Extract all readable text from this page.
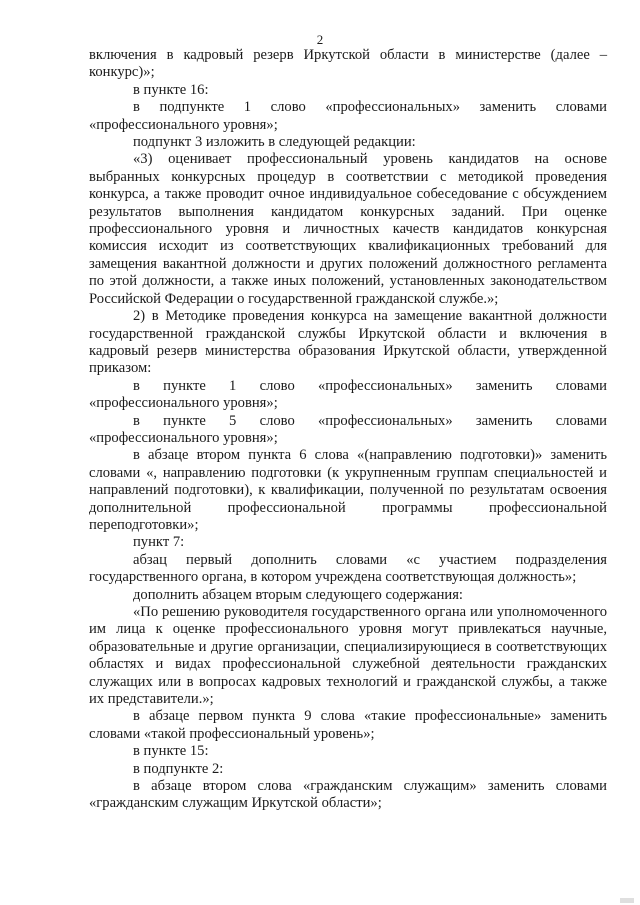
2

включения в кадровый резерв Иркутской области в министерстве (далее – конкурс)»;

в пункте 16:

в подпункте 1 слово «профессиональных» заменить словами «профессионального уровня»;

подпункт 3 изложить в следующей редакции:

«3) оценивает профессиональный уровень кандидатов на основе выбранных конкурсных процедур в соответствии с методикой проведения конкурса, а также проводит очное индивидуальное собеседование с обсуждением результатов выполнения кандидатом конкурсных заданий. При оценке профессионального уровня и личностных качеств кандидатов конкурсная комиссия исходит из соответствующих квалификационных требований для замещения вакантной должности и других положений должностного регламента по этой должности, а также иных положений, установленных законодательством Российской Федерации о государственной гражданской службе.»;

2) в Методике проведения конкурса на замещение вакантной должности государственной гражданской службы Иркутской области и включения в кадровый резерв министерства образования Иркутской области, утвержденной приказом:

в пункте 1 слово «профессиональных» заменить словами «профессионального уровня»;

в пункте 5 слово «профессиональных» заменить словами «профессионального уровня»;

в абзаце втором пункта 6 слова «(направлению подготовки)» заменить словами «, направлению подготовки (к укрупненным группам специальностей и направлений подготовки), к квалификации, полученной по результатам освоения дополнительной профессиональной программы профессиональной переподготовки»;

пункт 7:

абзац первый дополнить словами «с участием подразделения государственного органа, в котором учреждена соответствующая должность»;

дополнить абзацем вторым следующего содержания:

«По решению руководителя государственного органа или уполномоченного им лица к оценке профессионального уровня могут привлекаться научные, образовательные и другие организации, специализирующиеся в соответствующих областях и видах профессиональной служебной деятельности гражданских служащих или в вопросах кадровых технологий и гражданской службы, а также их представители.»;

в абзаце первом пункта 9 слова «такие профессиональные» заменить словами «такой профессиональный уровень»;

в пункте 15:

в подпункте 2:

в абзаце втором слова «гражданским служащим» заменить словами «гражданским служащим Иркутской области»;
